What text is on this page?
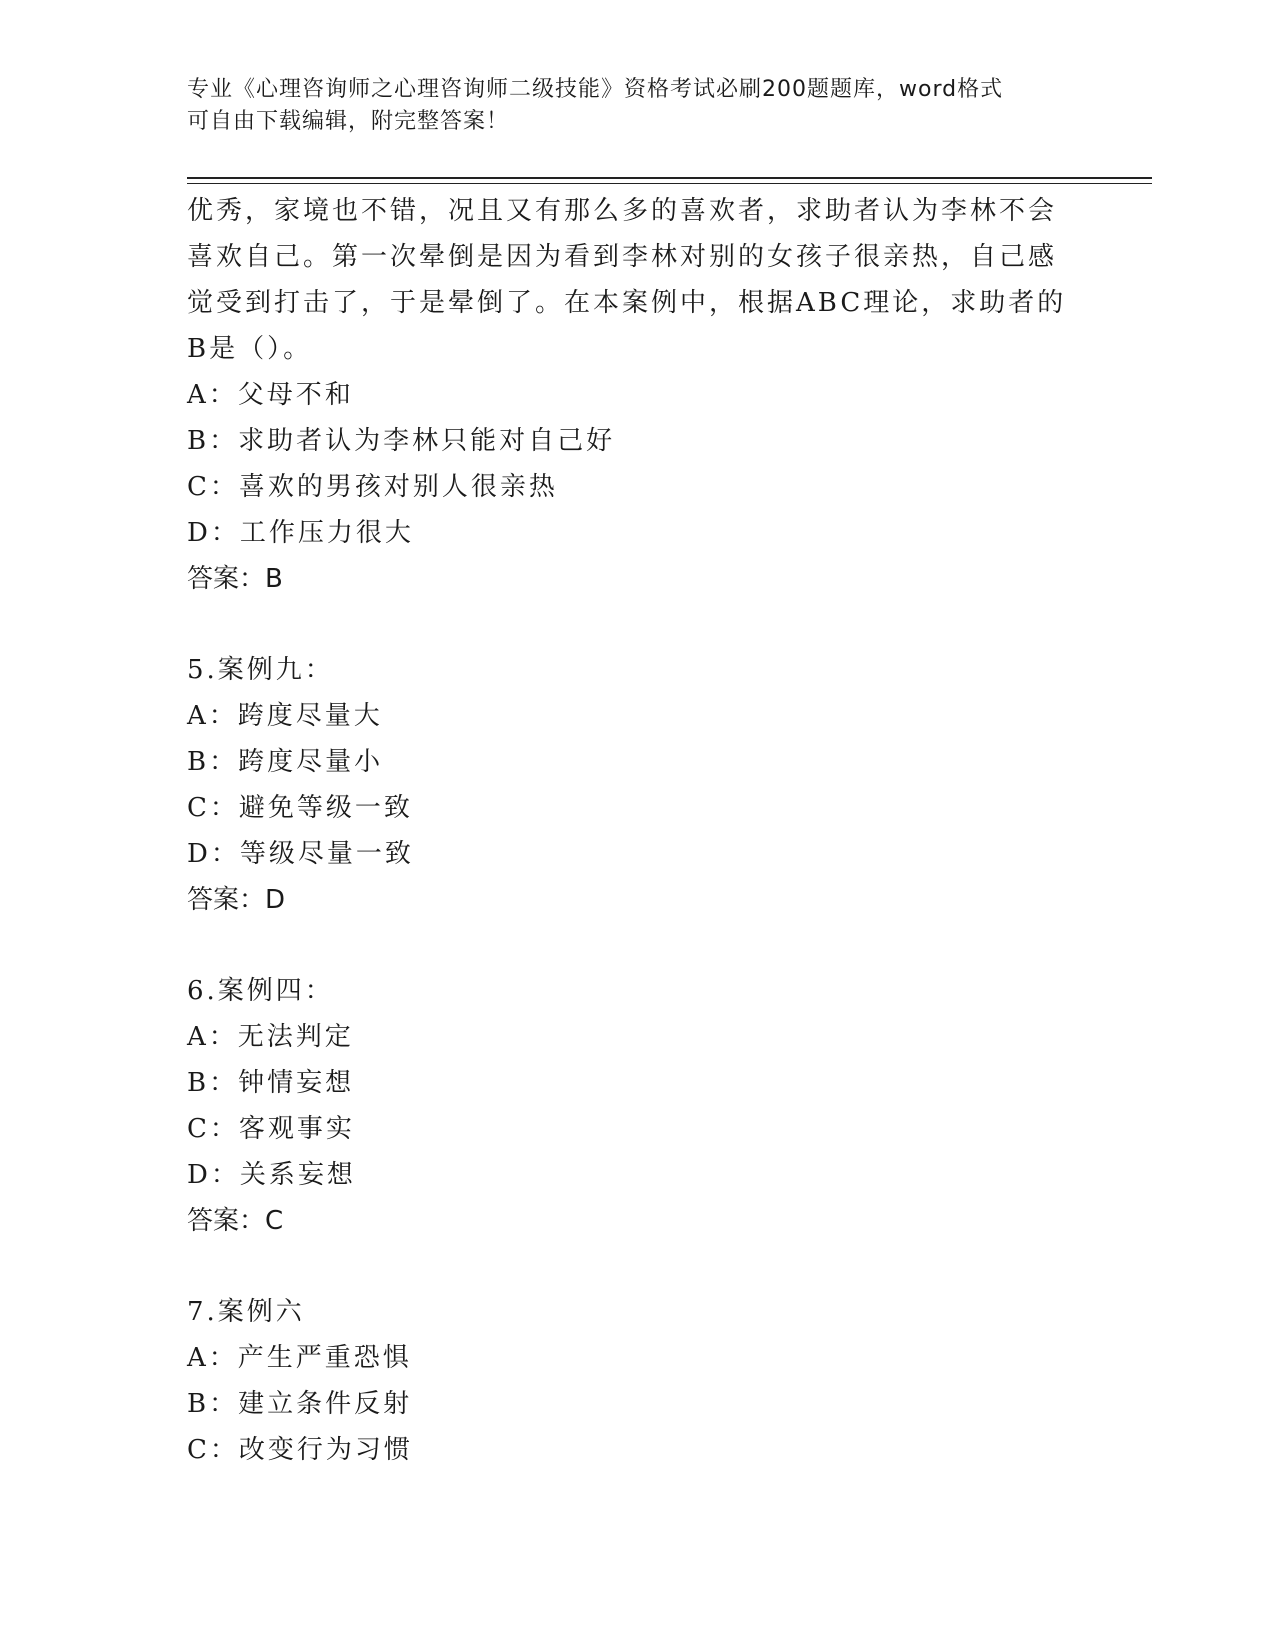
专业《心理咨询师之心理咨询师二级技能》资格考试必刷200题题库，word格式
可自由下载编辑，附完整答案！
优秀，家境也不错，况且又有那么多的喜欢者，求助者认为李林不会
喜欢自己。第一次晕倒是因为看到李林对别的女孩子很亲热，自己感
觉受到打击了，于是晕倒了。在本案例中，根据ABC理论，求助者的
B是（）。
A：父母不和
B：求助者认为李林只能对自己好
C：喜欢的男孩对别人很亲热
D：工作压力很大
答案：B
5.案例九：
A：跨度尽量大
B：跨度尽量小
C：避免等级一致
D：等级尽量一致
答案：D
6.案例四：
A：无法判定
B：钟情妄想
C：客观事实
D：关系妄想
答案：C
7.案例六
A：产生严重恐惧
B：建立条件反射
C：改变行为习惯
